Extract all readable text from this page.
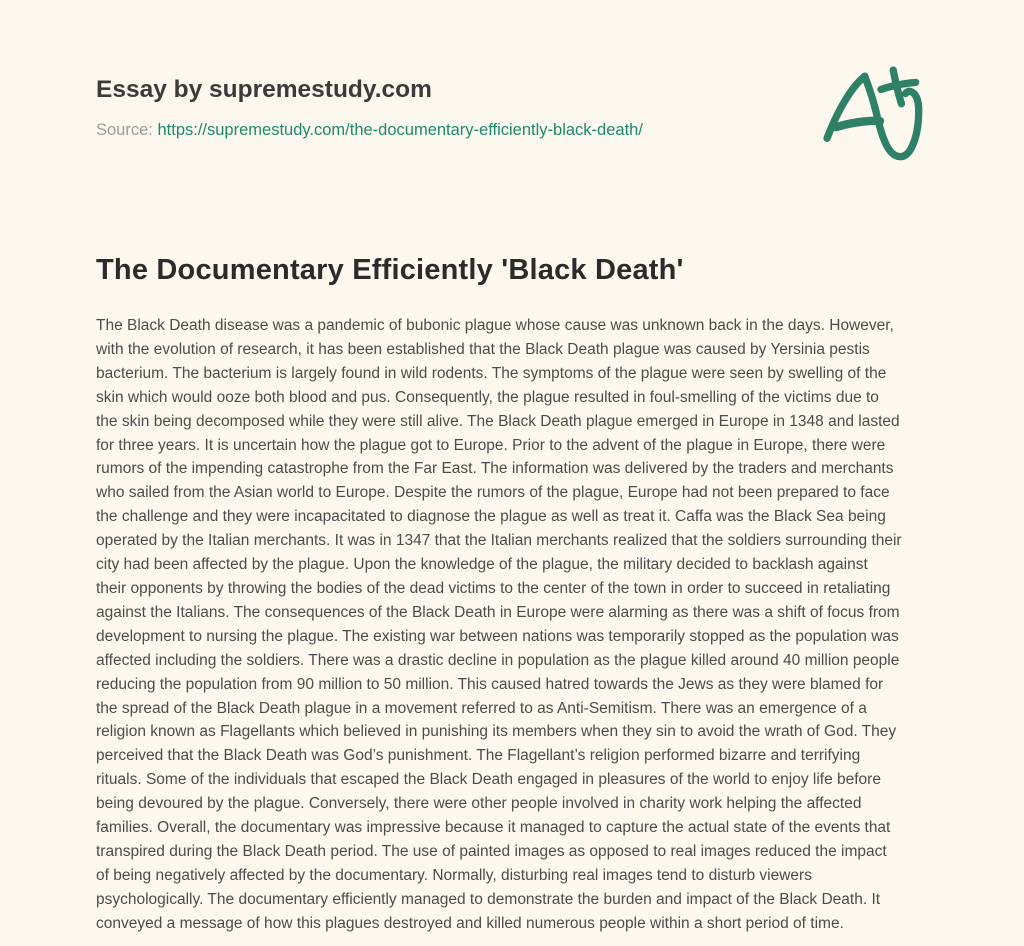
Essay by supremestudy.com

Source: https://supremestudy.com/the-documentary-efficiently-black-death/

The Documentary Efficiently 'Black Death'
The Black Death disease was a pandemic of bubonic plague whose cause was unknown back in the days. However,
with the evolution of research, it has been established that the Black Death plague was caused by Yersinia pestis
bacterium. The bacterium is largely found in wild rodents. The symptoms of the plague were seen by swelling of the
skin which would ooze both blood and pus. Consequently, the plague resulted in foul-smelling of the victims due to
the skin being decomposed while they were still alive. The Black Death plague emerged in Europe in 1348 and lasted
for three years. It is uncertain how the plague got to Europe. Prior to the advent of the plague in Europe, there were
rumors of the impending catastrophe from the Far East. The information was delivered by the traders and merchants
who sailed from the Asian world to Europe. Despite the rumors of the plague, Europe had not been prepared to face
the challenge and they were incapacitated to diagnose the plague as well as treat it. Caffa was the Black Sea being
operated by the Italian merchants. It was in 1347 that the Italian merchants realized that the soldiers surrounding their
city had been affected by the plague. Upon the knowledge of the plague, the military decided to backlash against
their opponents by throwing the bodies of the dead victims to the center of the town in order to succeed in retaliating
against the Italians. The consequences of the Black Death in Europe were alarming as there was a shift of focus from
development to nursing the plague. The existing war between nations was temporarily stopped as the population was
affected including the soldiers. There was a drastic decline in population as the plague killed around 40 million people
reducing the population from 90 million to 50 million. This caused hatred towards the Jews as they were blamed for
the spread of the Black Death plague in a movement referred to as Anti-Semitism. There was an emergence of a
religion known as Flagellants which believed in punishing its members when they sin to avoid the wrath of God. They
perceived that the Black Death was God’s punishment. The Flagellant’s religion performed bizarre and terrifying
rituals. Some of the individuals that escaped the Black Death engaged in pleasures of the world to enjoy life before
being devoured by the plague. Conversely, there were other people involved in charity work helping the affected
families. Overall, the documentary was impressive because it managed to capture the actual state of the events that
transpired during the Black Death period. The use of painted images as opposed to real images reduced the impact
of being negatively affected by the documentary. Normally, disturbing real images tend to disturb viewers
psychologically. The documentary efficiently managed to demonstrate the burden and impact of the Black Death. It
conveyed a message of how this plagues destroyed and killed numerous people within a short period of time.
